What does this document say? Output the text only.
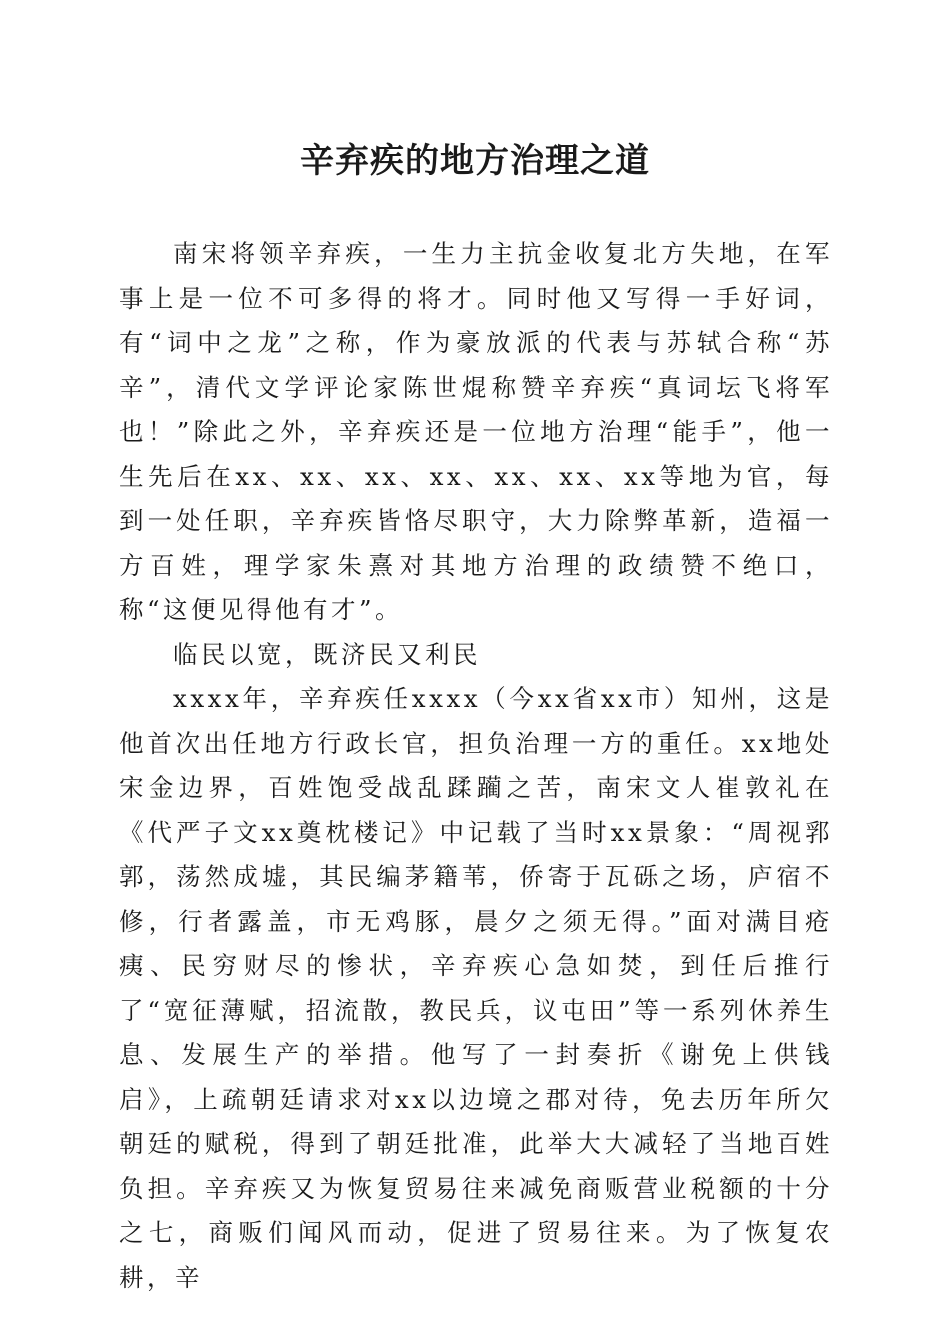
辛弃疾的地方治理之道

南宋将领辛弃疾，一生力主抗金收复北方失地，在军事上是一位不可多得的将才。同时他又写得一手好词，有“词中之龙”之称，作为豪放派的代表与苏轼合称“苏辛”，清代文学评论家陈世焜称赞辛弃疾“真词坛飞将军也！”除此之外，辛弃疾还是一位地方治理“能手”，他一生先后在xx、xx、xx、xx、xx、xx、xx等地为官，每到一处任职，辛弃疾皆恪尽职守，大力除弊革新，造福一方百姓，理学家朱熹对其地方治理的政绩赞不绝口，称“这便见得他有才”。

临民以宽，既济民又利民

xxxx年，辛弃疾任xxxx（今xx省xx市）知州，这是他首次出任地方行政长官，担负治理一方的重任。xx地处宋金边界，百姓饱受战乱蹂躏之苦，南宋文人崔敦礼在《代严子文xx奠枕楼记》中记载了当时xx景象：“周视郛郭，荡然成墟，其民编茅籍苇，侨寄于瓦砾之场，庐宿不修，行者露盖，市无鸡豚，晨夕之须无得。”面对满目疮痍、民穷财尽的惨状，辛弃疾心急如焚，到任后推行了“宽征薄赋，招流散，教民兵，议屯田”等一系列休养生息、发展生产的举措。他写了一封奏折《谢免上供钱启》，上疏朝廷请求对xx以边境之郡对待，免去历年所欠朝廷的赋税，得到了朝廷批准，此举大大减轻了当地百姓负担。辛弃疾又为恢复贸易往来减免商贩营业税额的十分之七，商贩们闻风而动，促进了贸易往来。为了恢复农耕，辛
